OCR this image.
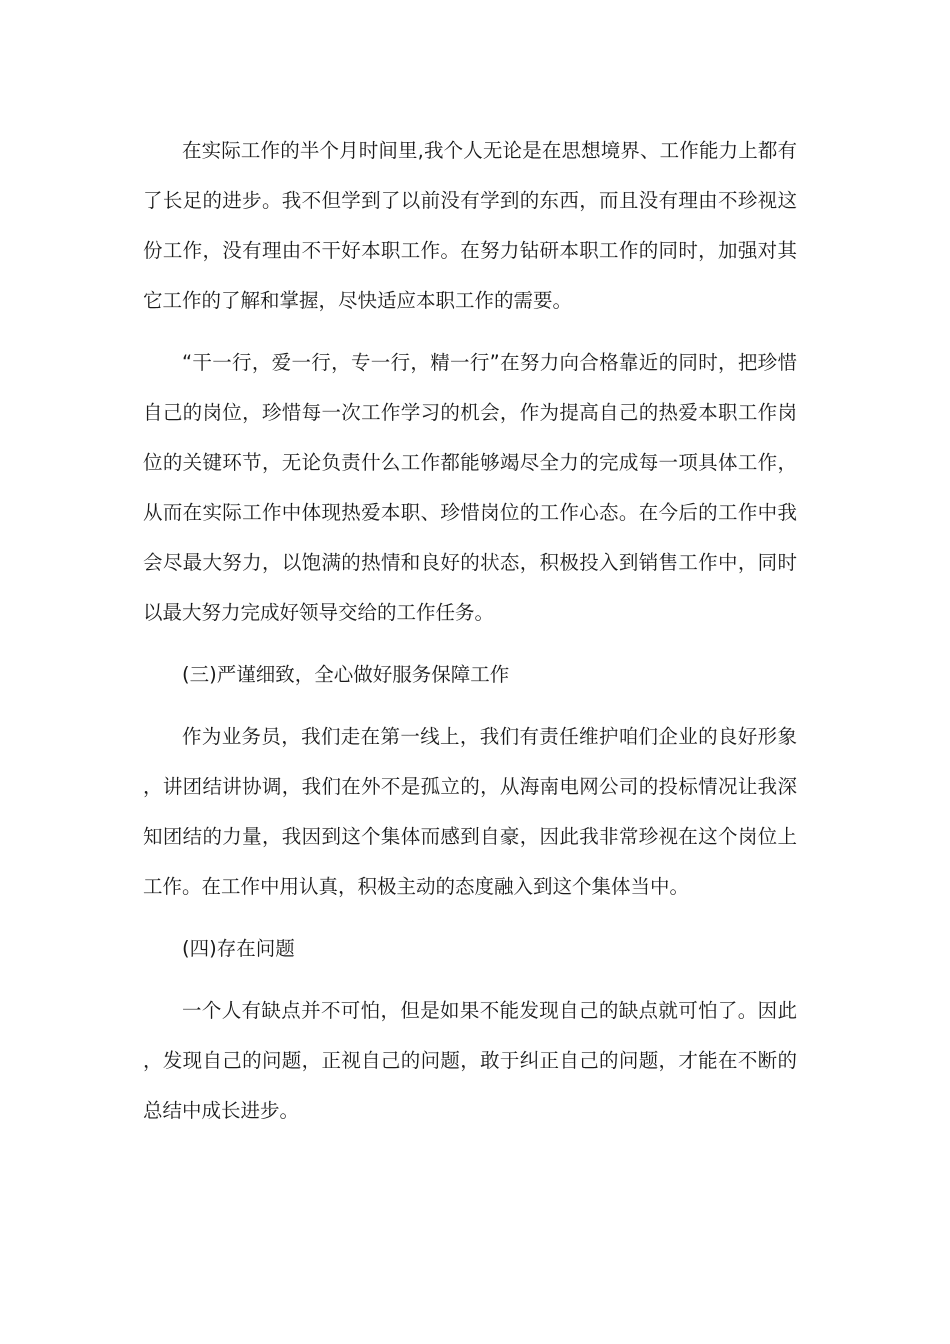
在实际工作的半个月时间里,我个人无论是在思想境界、工作能力上都有了长足的进步。我不但学到了以前没有学到的东西，而且没有理由不珍视这份工作，没有理由不干好本职工作。在努力钻研本职工作的同时，加强对其它工作的了解和掌握，尽快适应本职工作的需要。

“干一行，爱一行，专一行，精一行”在努力向合格靠近的同时，把珍惜自己的岗位，珍惜每一次工作学习的机会，作为提高自己的热爱本职工作岗位的关键环节，无论负责什么工作都能够竭尽全力的完成每一项具体工作，从而在实际工作中体现热爱本职、珍惜岗位的工作心态。在今后的工作中我会尽最大努力，以饱满的热情和良好的状态，积极投入到销售工作中，同时以最大努力完成好领导交给的工作任务。

(三)严谨细致，全心做好服务保障工作

作为业务员，我们走在第一线上，我们有责任维护咱们企业的良好形象，讲团结讲协调，我们在外不是孤立的，从海南电网公司的投标情况让我深知团结的力量，我因到这个集体而感到自豪，因此我非常珍视在这个岗位上工作。在工作中用认真，积极主动的态度融入到这个集体当中。

(四)存在问题

一个人有缺点并不可怕，但是如果不能发现自己的缺点就可怕了。因此，发现自己的问题，正视自己的问题，敢于纠正自己的问题，才能在不断的总结中成长进步。
